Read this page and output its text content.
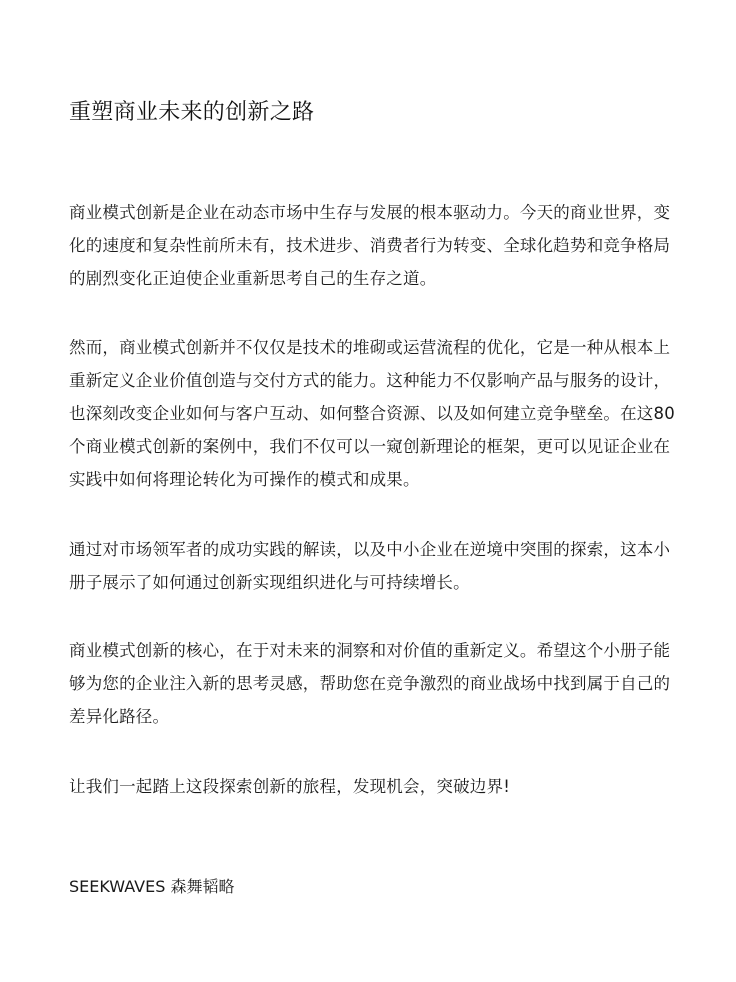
重塑商业未来的创新之路

商业模式创新是企业在动态市场中生存与发展的根本驱动力。今天的商业世界，变化的速度和复杂性前所未有，技术进步、消费者行为转变、全球化趋势和竞争格局的剧烈变化正迫使企业重新思考自己的生存之道。

然而，商业模式创新并不仅仅是技术的堆砌或运营流程的优化，它是一种从根本上重新定义企业价值创造与交付方式的能力。这种能力不仅影响产品与服务的设计，也深刻改变企业如何与客户互动、如何整合资源、以及如何建立竞争壁垒。在这80个商业模式创新的案例中，我们不仅可以一窥创新理论的框架，更可以见证企业在实践中如何将理论转化为可操作的模式和成果。

通过对市场领军者的成功实践的解读，以及中小企业在逆境中突围的探索，这本小册子展示了如何通过创新实现组织进化与可持续增长。

商业模式创新的核心，在于对未来的洞察和对价值的重新定义。希望这个小册子能够为您的企业注入新的思考灵感，帮助您在竞争激烈的商业战场中找到属于自己的差异化路径。

让我们一起踏上这段探索创新的旅程，发现机会，突破边界!

SEEKWAVES 森舞韬略
